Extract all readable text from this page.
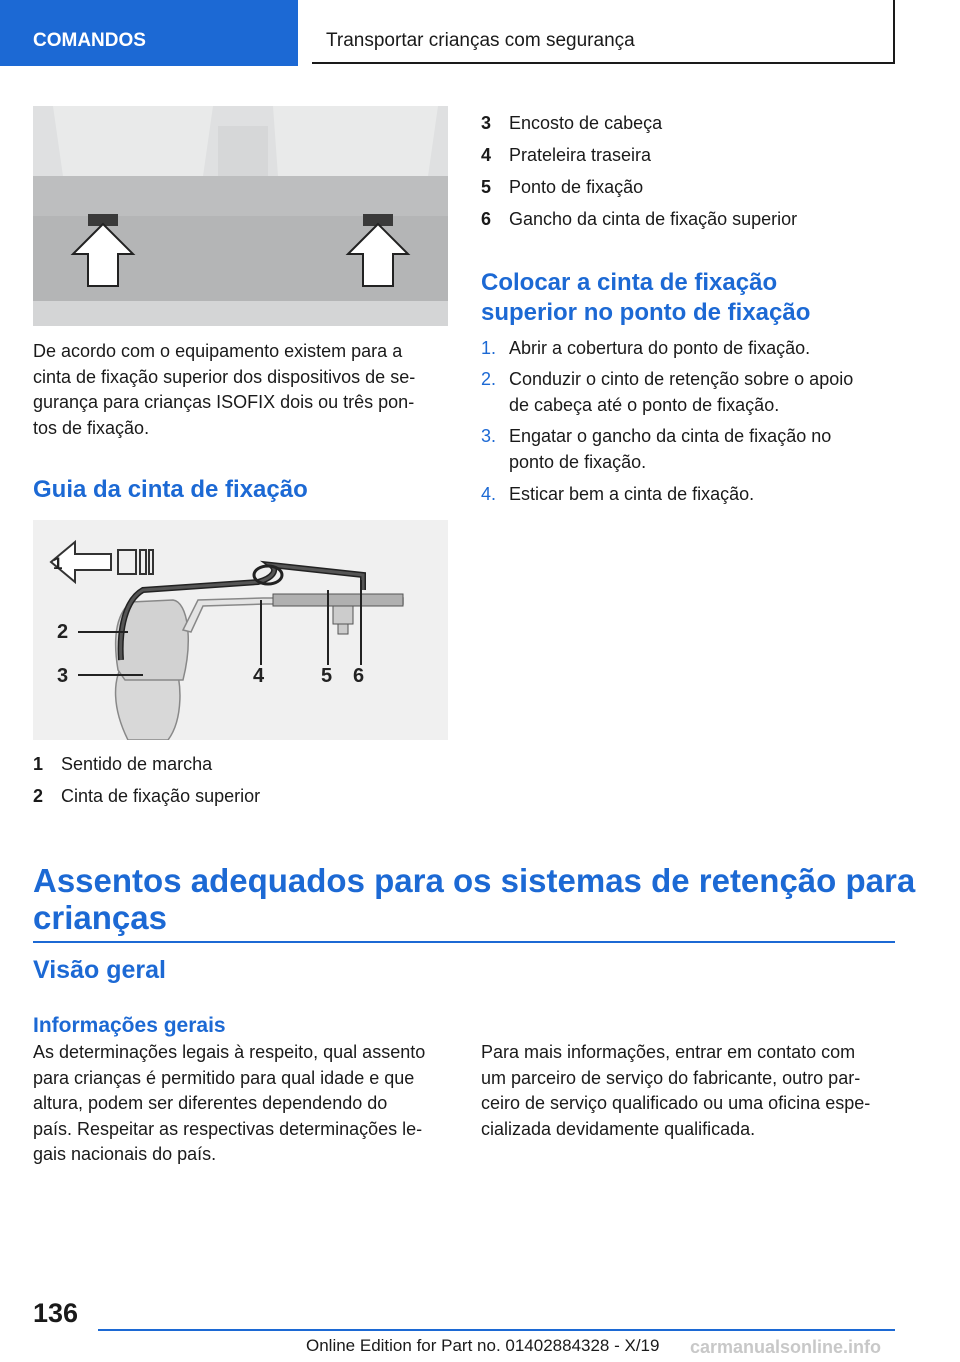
COMANDOS	Transportar crianças com segurança
De acordo com o equipamento existem para a
cinta de fixação superior dos dispositivos de se-
gurança para crianças ISOFIX dois ou três pon-
tos de fixação.
Guia da cinta de fixação
1
2
3	4	5 6
1 Sentido de marcha
2 Cinta de fixação superior
3 Encosto de cabeça
4 Prateleira traseira
5 Ponto de fixação
6 Gancho da cinta de fixação superior
Colocar a cinta de fixação
superior no ponto de fixação
1. Abrir a cobertura do ponto de fixação.
2. Conduzir o cinto de retenção sobre o apoio
de cabeça até o ponto de fixação.
3. Engatar o gancho da cinta de fixação no
ponto de fixação.
4. Esticar bem a cinta de fixação.
Assentos adequados para os sistemas de retenção para
crianças
Visão geral
Informações gerais
As determinações legais à respeito, qual assento
para crianças é permitido para qual idade e que
altura, podem ser diferentes dependendo do
país. Respeitar as respectivas determinações le-
gais nacionais do país.
Para mais informações, entrar em contato com
um parceiro de serviço do fabricante, outro par-
ceiro de serviço qualificado ou uma oficina espe-
cializada devidamente qualificada.
136
Online Edition for Part no. 01402884328 - X/19 carmanualsonline.info
